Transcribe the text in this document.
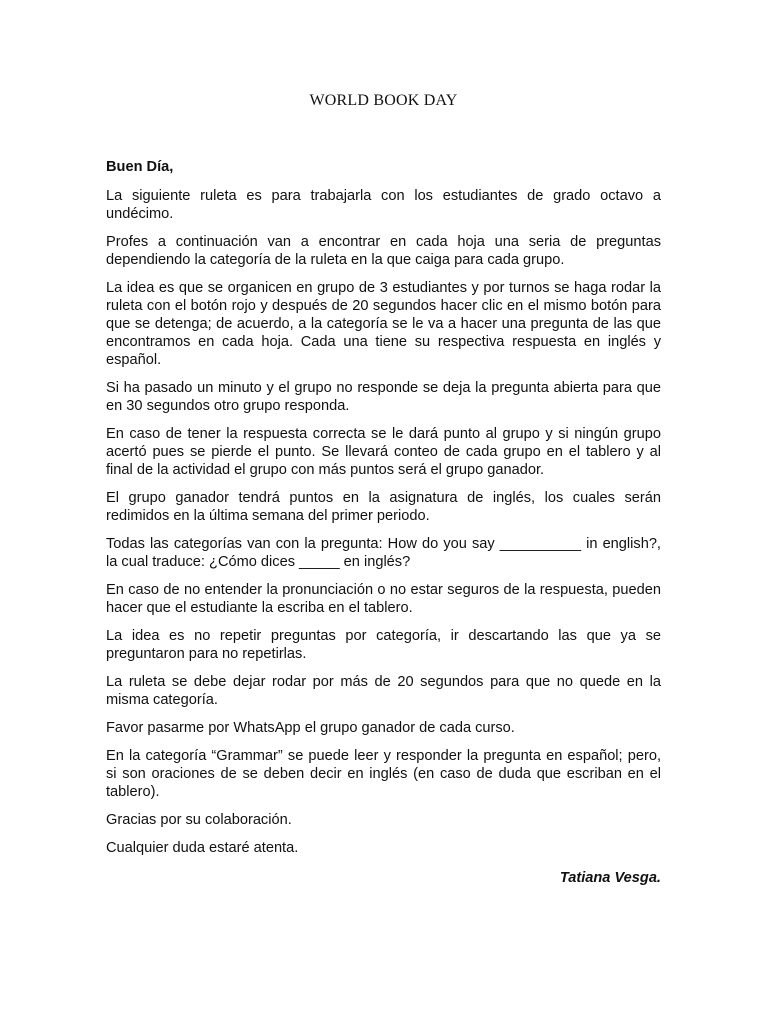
WORLD BOOK DAY

Buen Día,

La siguiente ruleta es para trabajarla con los estudiantes de grado octavo a undécimo.

Profes a continuación van a encontrar en cada hoja una seria de preguntas dependiendo la categoría de la ruleta en la que caiga para cada grupo.

La idea es que se organicen en grupo de 3 estudiantes y por turnos se haga rodar la ruleta con el botón rojo y después de 20 segundos hacer clic en el mismo botón para que se detenga; de acuerdo, a la categoría se le va a hacer una pregunta de las que encontramos en cada hoja. Cada una tiene su respectiva respuesta en inglés y español.

Si ha pasado un minuto y el grupo no responde se deja la pregunta abierta para que en 30 segundos otro grupo responda.

En caso de tener la respuesta correcta se le dará punto al grupo y si ningún grupo acertó pues se pierde el punto. Se llevará conteo de cada grupo en el tablero y al final de la actividad el grupo con más puntos será el grupo ganador.

El grupo ganador tendrá puntos en la asignatura de inglés, los cuales serán redimidos en la última semana del primer periodo.

Todas las categorías van con la pregunta: How do you say __________ in english?, la cual traduce: ¿Cómo dices _____ en inglés?

En caso de no entender la pronunciación o no estar seguros de la respuesta, pueden hacer que el estudiante la escriba en el tablero.

La idea es no repetir preguntas por categoría, ir descartando las que ya se preguntaron para no repetirlas.

La ruleta se debe dejar rodar por más de 20 segundos para que no quede en la misma categoría.

Favor pasarme por WhatsApp el grupo ganador de cada curso.

En la categoría “Grammar” se puede leer y responder la pregunta en español; pero, si son oraciones de se deben decir en inglés (en caso de duda que escriban en el tablero).

Gracias por su colaboración.

Cualquier duda estaré atenta.

Tatiana Vesga.
